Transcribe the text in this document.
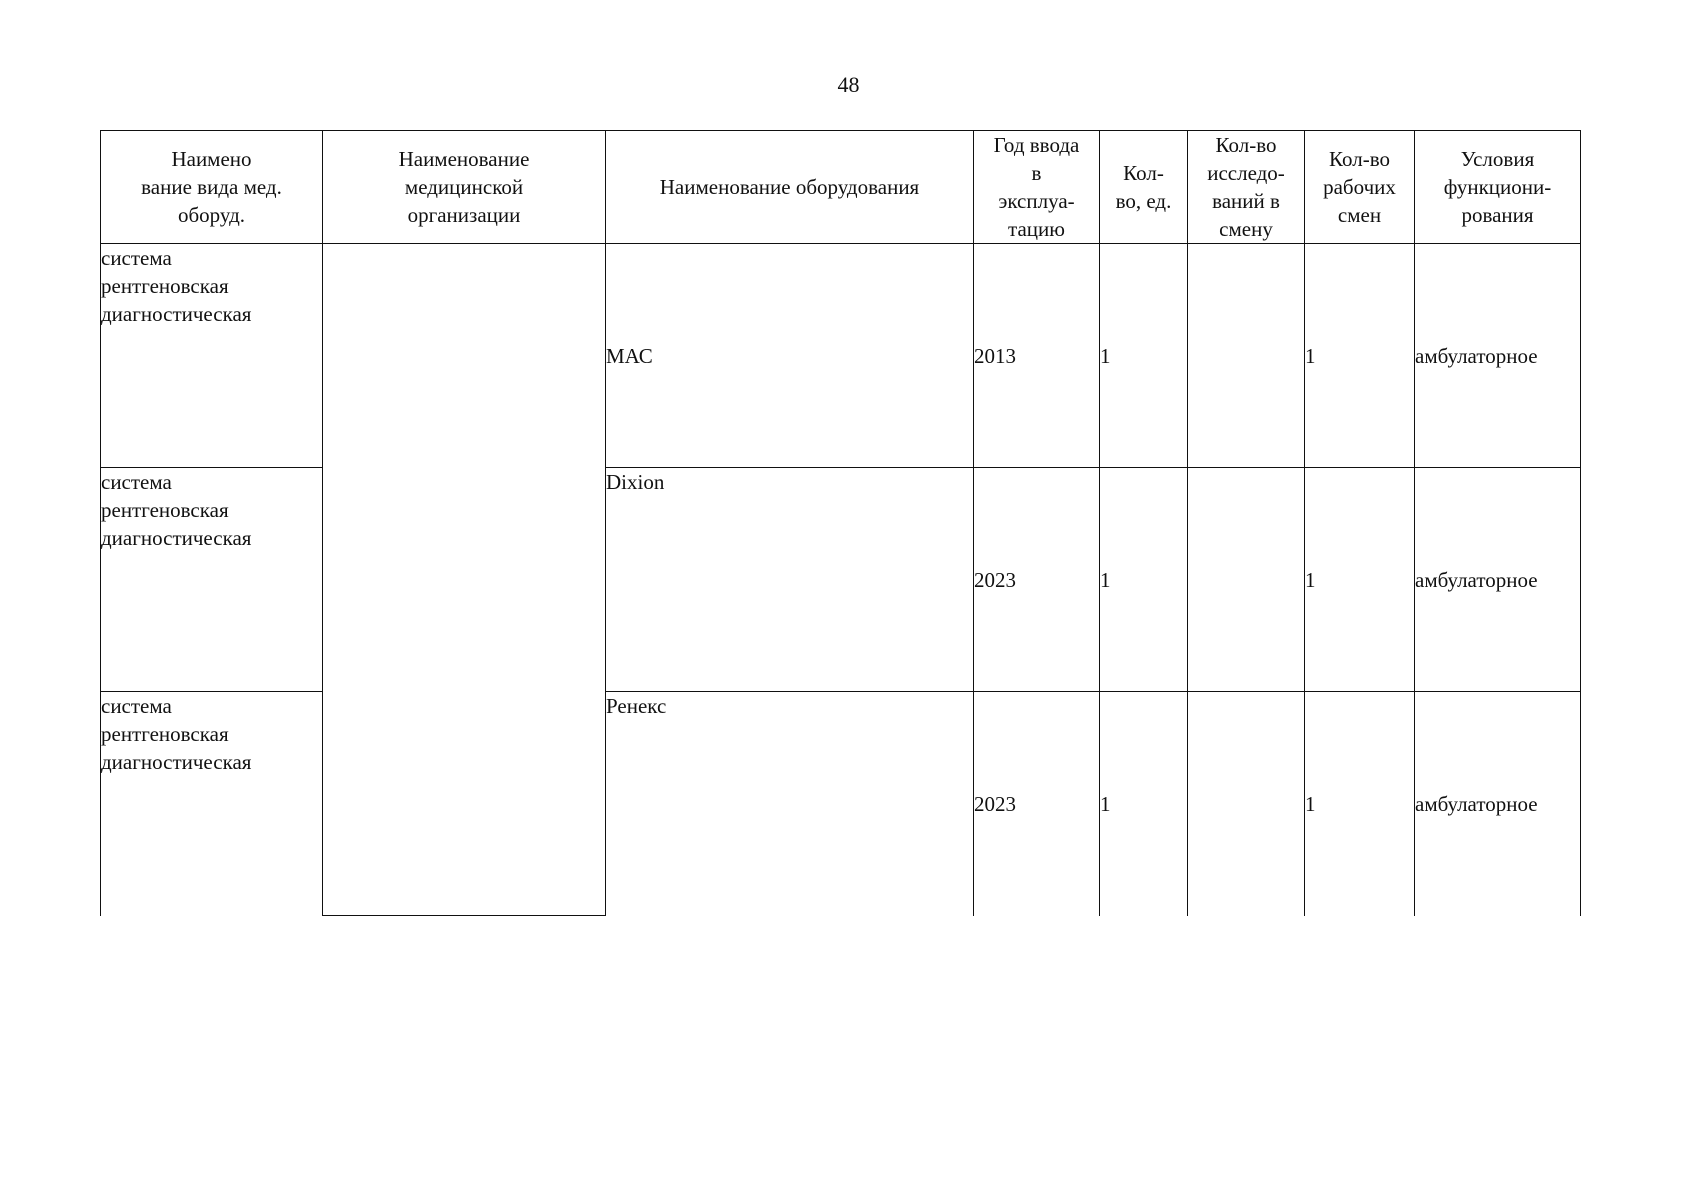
48
Наимено
вание вида мед.
оборуд.	Наименование
медицинской
организации	Наименование оборудования	Год ввода
в
эксплуа-
тацию	Кол-
во, ед.	Кол-во
исследо-
ваний в
смену	Кол-во
рабочих
смен	Условия
функциони-
рования

система
рентгеновская
диагностическая		МАС	2013	1		1	амбулаторное

система
рентгеновская
диагностическая		Dixion	2023	1		1	амбулаторное

система
рентгеновская
диагностическая		Ренекс	2023	1		1	амбулаторное
